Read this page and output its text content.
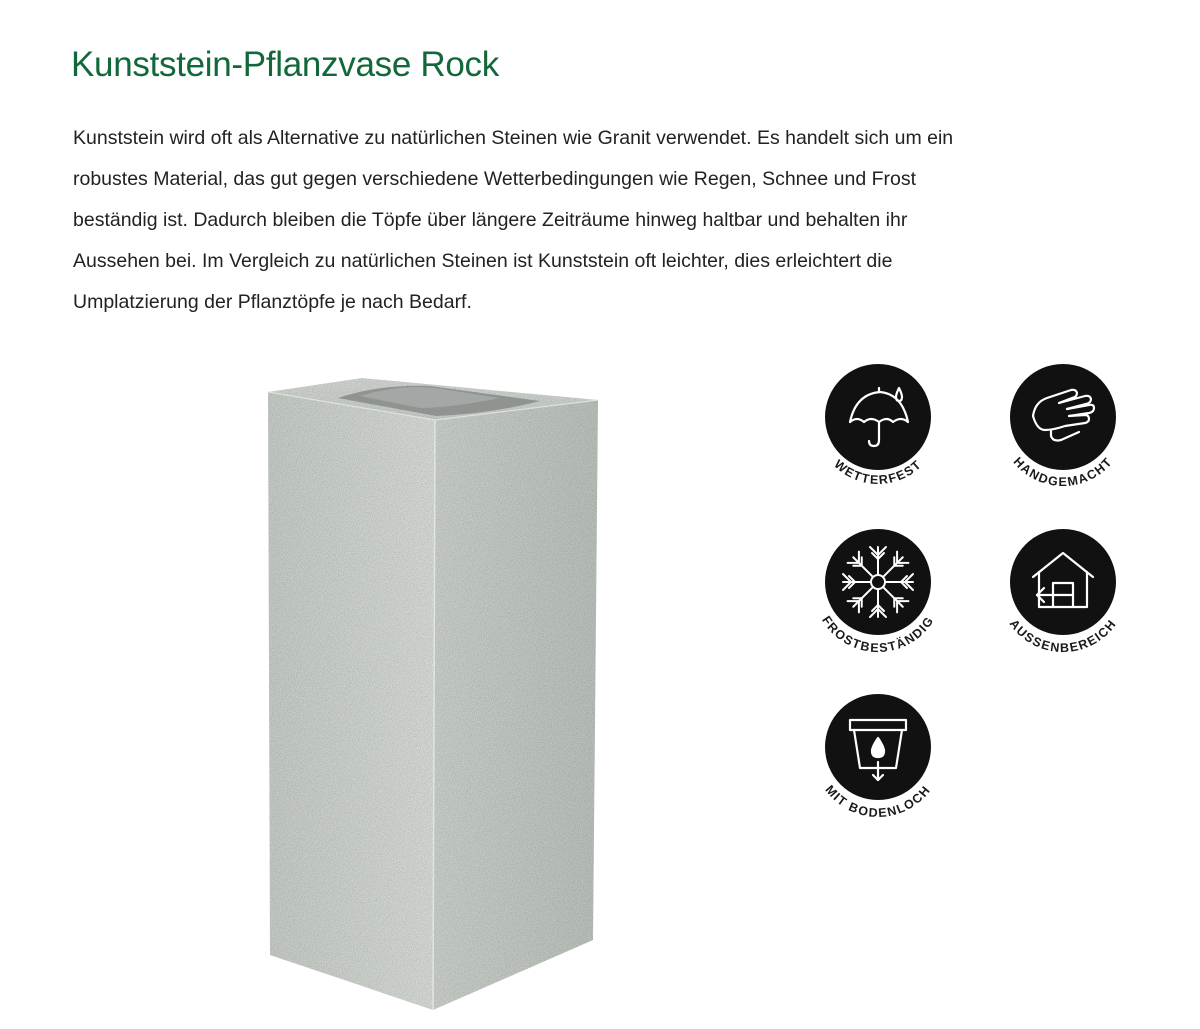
Kunststein-Pflanzvase Rock

Kunststein wird oft als Alternative zu natürlichen Steinen wie Granit verwendet. Es handelt sich um ein

robustes Material, das gut gegen verschiedene Wetterbedingungen wie Regen, Schnee und Frost

beständig ist. Dadurch bleiben die Töpfe über längere Zeiträume hinweg haltbar und behalten ihr

Aussehen bei. Im Vergleich zu natürlichen Steinen ist Kunststein oft leichter, dies erleichtert die

Umplatzierung der Pflanztöpfe je nach Bedarf.

WETTERFEST	HANDGEMACHT
FROSTBESTÄNDIG	AUSSENBEREICH
MIT BODENLOCH
